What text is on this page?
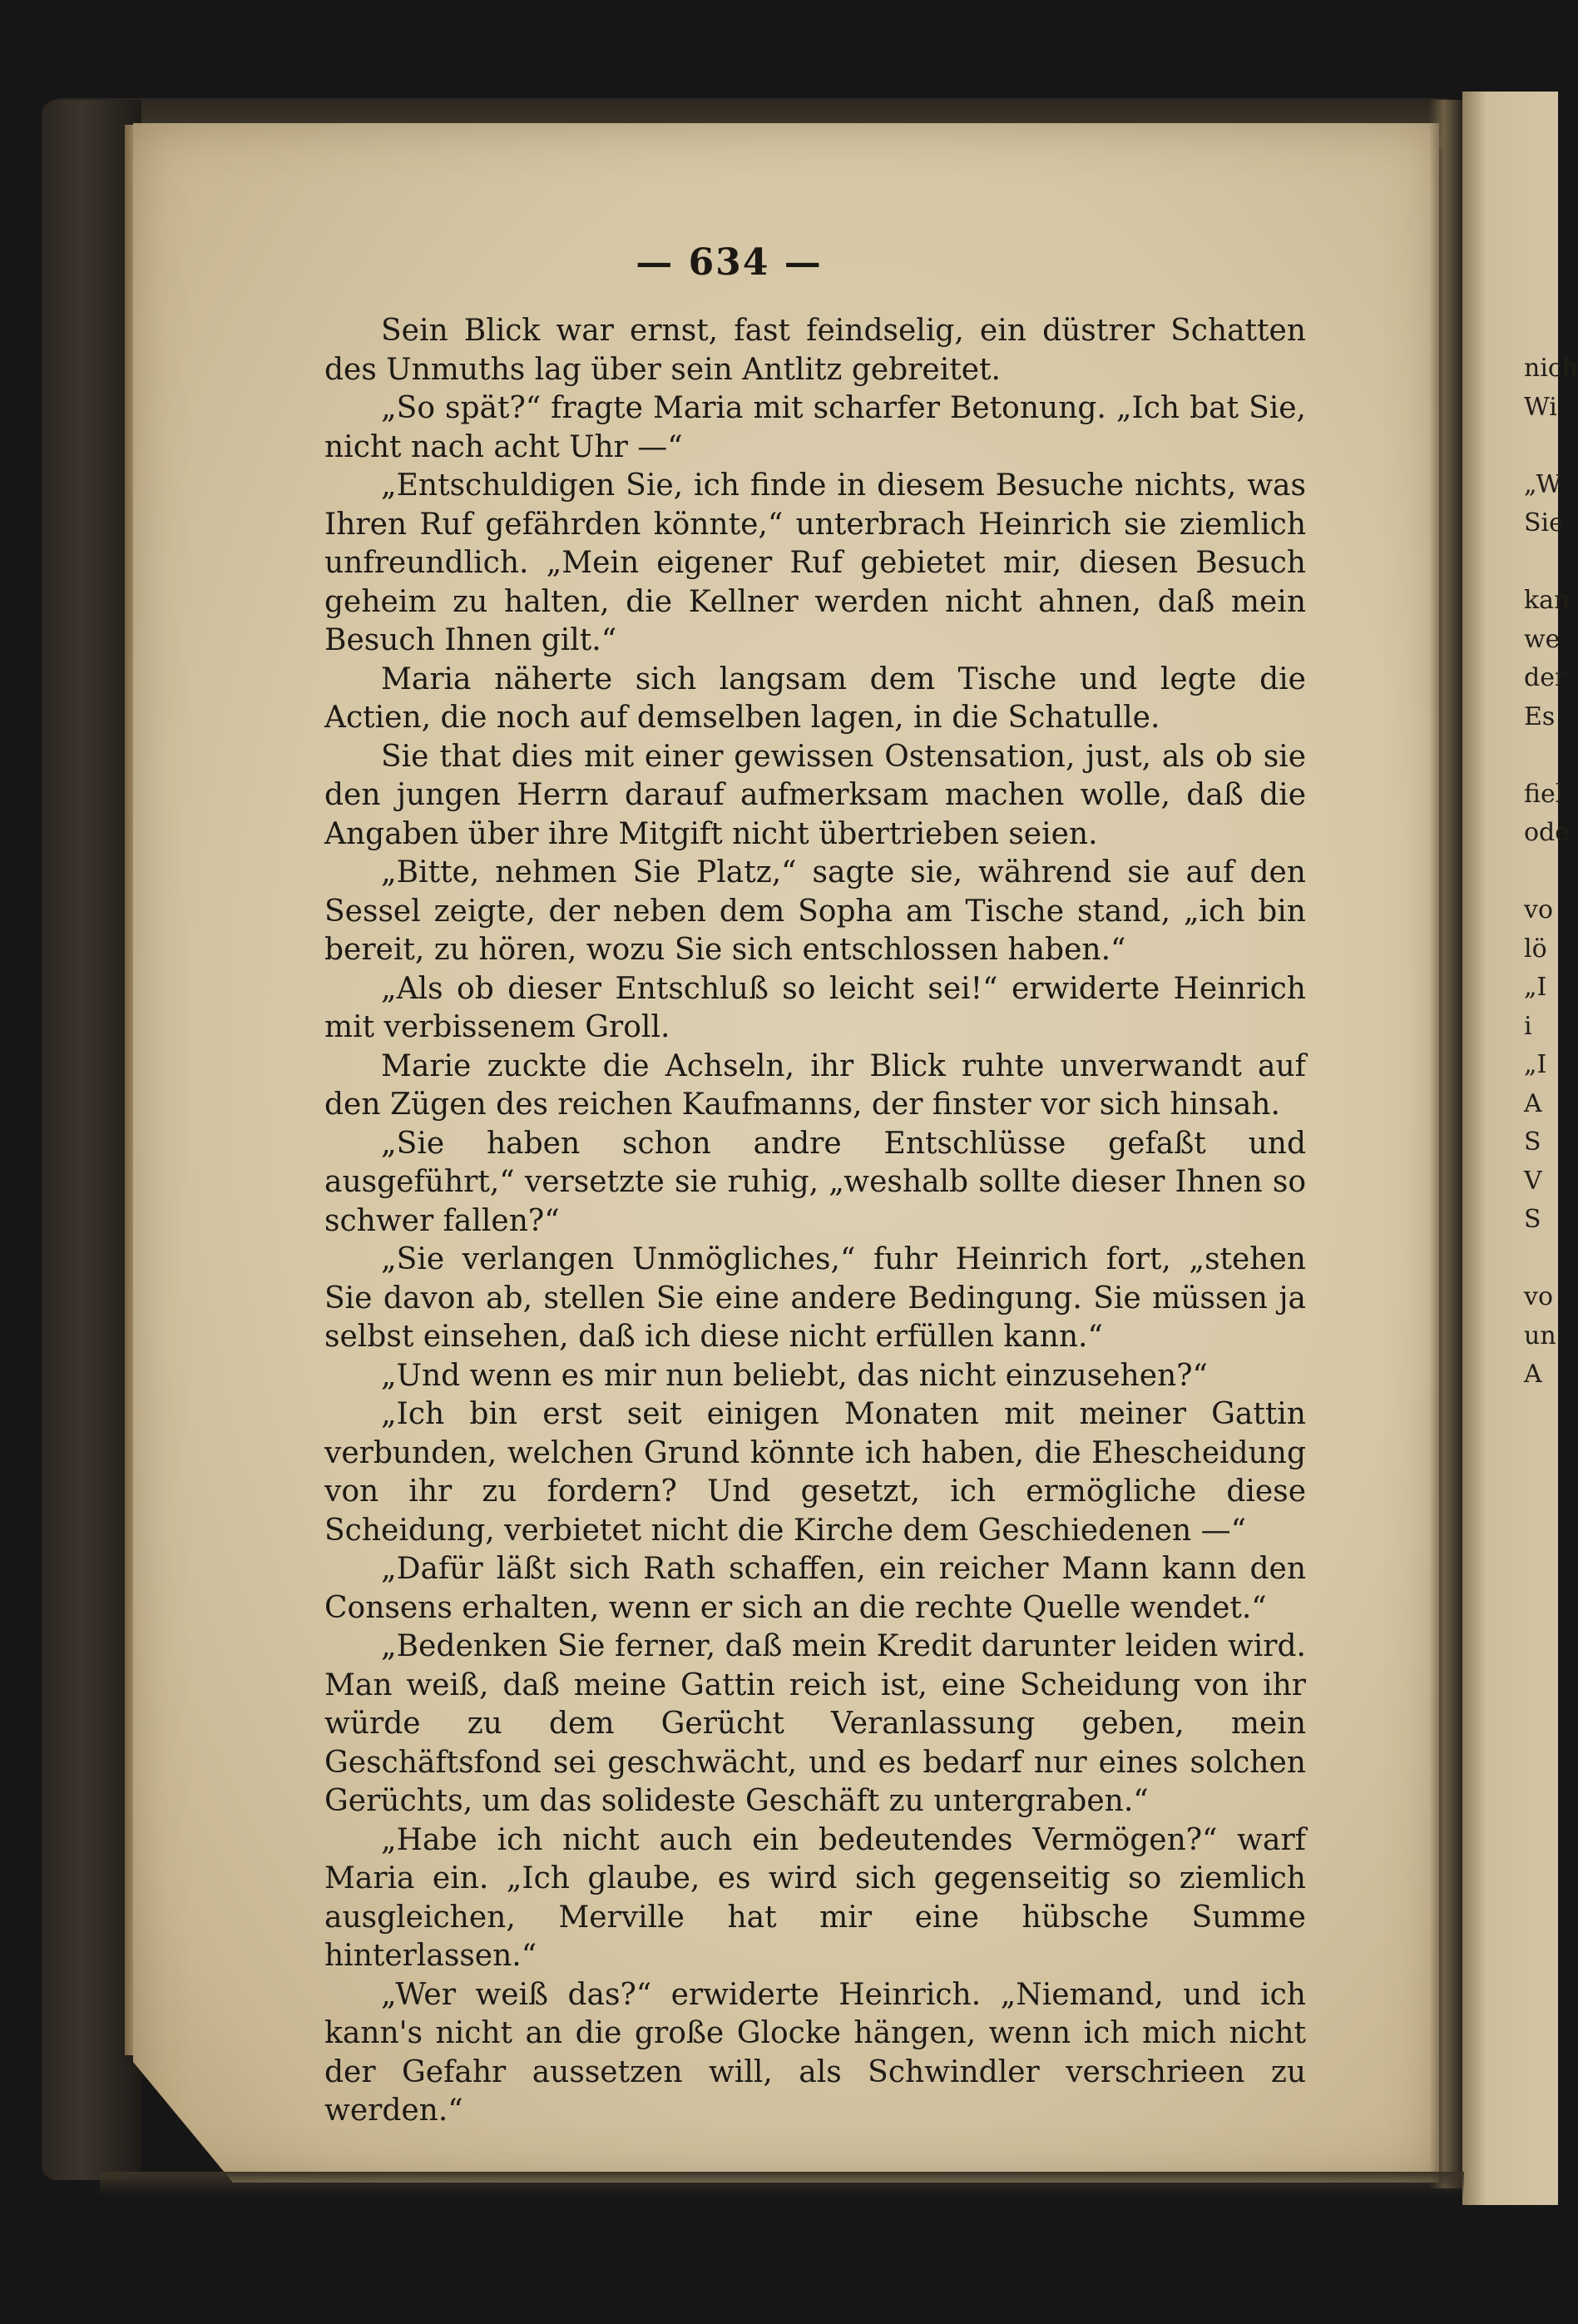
— 634 —

Sein Blick war ernst, fast feindselig, ein düstrer Schatten des Unmuths lag über sein Antlitz gebreitet.

„So spät?“ fragte Maria mit scharfer Betonung. „Ich bat Sie, nicht nach acht Uhr —“

„Entschuldigen Sie, ich finde in diesem Besuche nichts, was Ihren Ruf gefährden könnte,“ unterbrach Heinrich sie ziemlich unfreundlich. „Mein eigener Ruf gebietet mir, diesen Besuch geheim zu halten, die Kellner werden nicht ahnen, daß mein Besuch Ihnen gilt.“

Maria näherte sich langsam dem Tische und legte die Actien, die noch auf demselben lagen, in die Schatulle.

Sie that dies mit einer gewissen Ostensation, just, als ob sie den jungen Herrn darauf aufmerksam machen wolle, daß die Angaben über ihre Mitgift nicht übertrieben seien.

„Bitte, nehmen Sie Platz,“ sagte sie, während sie auf den Sessel zeigte, der neben dem Sopha am Tische stand, „ich bin bereit, zu hören, wozu Sie sich entschlossen haben.“

„Als ob dieser Entschluß so leicht sei!“ erwiderte Heinrich mit verbissenem Groll.

Marie zuckte die Achseln, ihr Blick ruhte unverwandt auf den Zügen des reichen Kaufmanns, der finster vor sich hinsah.

„Sie haben schon andre Entschlüsse gefaßt und ausgeführt,“ versetzte sie ruhig, „weshalb sollte dieser Ihnen so schwer fallen?“

„Sie verlangen Unmögliches,“ fuhr Heinrich fort, „stehen Sie davon ab, stellen Sie eine andere Bedingung. Sie müssen ja selbst einsehen, daß ich diese nicht erfüllen kann.“

„Und wenn es mir nun beliebt, das nicht einzusehen?“

„Ich bin erst seit einigen Monaten mit meiner Gattin verbunden, welchen Grund könnte ich haben, die Ehescheidung von ihr zu fordern? Und gesetzt, ich ermögliche diese Scheidung, verbietet nicht die Kirche dem Geschiedenen —“

„Dafür läßt sich Rath schaffen, ein reicher Mann kann den Consens erhalten, wenn er sich an die rechte Quelle wendet.“

„Bedenken Sie ferner, daß mein Kredit darunter leiden wird. Man weiß, daß meine Gattin reich ist, eine Scheidung von ihr würde zu dem Gerücht Veranlassung geben, mein Geschäftsfond sei geschwächt, und es bedarf nur eines solchen Gerüchts, um das solideste Geschäft zu untergraben.“

„Habe ich nicht auch ein bedeutendes Vermögen?“ warf Maria ein. „Ich glaube, es wird sich gegenseitig so ziemlich ausgleichen, Merville hat mir eine hübsche Summe hinterlassen.“

„Wer weiß das?“ erwiderte Heinrich. „Niemand, und ich kann's nicht an die große Glocke hängen, wenn ich mich nicht der Gefahr aussetzen will, als Schwindler verschrieen zu werden.“

nich
Wi
„W
Sie
kan
we
der
Es
fiel
ode
vo
lö
„I
i
„I
A
S
V
S
vo
un
A
